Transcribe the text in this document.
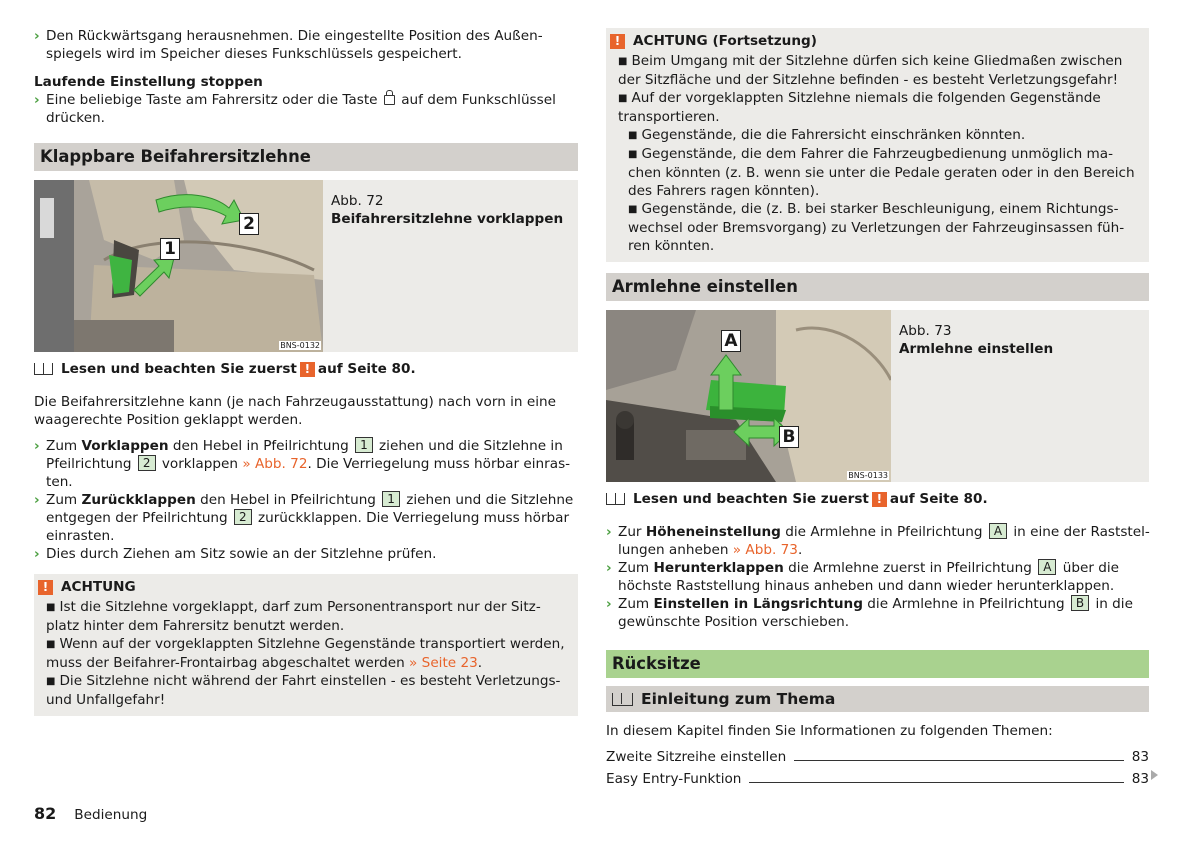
› Den Rückwärtsgang herausnehmen. Die eingestellte Position des Außenspiegels wird im Speicher dieses Funkschlüssels gespeichert.

Laufende Einstellung stoppen

› Eine beliebige Taste am Fahrersitz oder die Taste auf dem Funkschlüssel drücken.

Klappbare Beifahrersitzlehne
1
2
BNS-0132
Abb. 72
Beifahrersitzlehne vorklappen
Lesen und beachten Sie zuerst ! auf Seite 80.

Die Beifahrersitzlehne kann (je nach Fahrzeugausstattung) nach vorn in eine waagerechte Position geklappt werden.

› Zum Vorklappen den Hebel in Pfeilrichtung 1 ziehen und die Sitzlehne in Pfeilrichtung 2 vorklappen » Abb. 72. Die Verriegelung muss hörbar einrasten.

› Zum Zurückklappen den Hebel in Pfeilrichtung 1 ziehen und die Sitzlehne entgegen der Pfeilrichtung 2 zurückklappen. Die Verriegelung muss hörbar einrasten.

› Dies durch Ziehen am Sitz sowie an der Sitzlehne prüfen.

! ACHTUNG

■ Ist die Sitzlehne vorgeklappt, darf zum Personentransport nur der Sitzplatz hinter dem Fahrersitz benutzt werden.

■ Wenn auf der vorgeklappten Sitzlehne Gegenstände transportiert werden, muss der Beifahrer-Frontairbag abgeschaltet werden » Seite 23.

■ Die Sitzlehne nicht während der Fahrt einstellen - es besteht Verletzungs- und Unfallgefahr!

! ACHTUNG (Fortsetzung)

■ Beim Umgang mit der Sitzlehne dürfen sich keine Gliedmaßen zwischen der Sitzfläche und der Sitzlehne befinden - es besteht Verletzungsgefahr!

■ Auf der vorgeklappten Sitzlehne niemals die folgenden Gegenstände transportieren.

■ Gegenstände, die die Fahrersicht einschränken könnten.

■ Gegenstände, die dem Fahrer die Fahrzeugbedienung unmöglich machen könnten (z. B. wenn sie unter die Pedale geraten oder in den Bereich des Fahrers ragen könnten).

■ Gegenstände, die (z. B. bei starker Beschleunigung, einem Richtungswechsel oder Bremsvorgang) zu Verletzungen der Fahrzeuginsassen führen könnten.

Armlehne einstellen
A
B
BNS-0133
Abb. 73
Armlehne einstellen
Lesen und beachten Sie zuerst ! auf Seite 80.

› Zur Höheneinstellung die Armlehne in Pfeilrichtung A in eine der Raststellungen anheben » Abb. 73.

› Zum Herunterklappen die Armlehne zuerst in Pfeilrichtung A über die höchste Raststellung hinaus anheben und dann wieder herunterklappen.

› Zum Einstellen in Längsrichtung die Armlehne in Pfeilrichtung B in die gewünschte Position verschieben.

Rücksitze
Einleitung zum Thema

In diesem Kapitel finden Sie Informationen zu folgenden Themen:

Zweite Sitzreihe einstellen	83
Easy Entry-Funktion	83
82 Bedienung
